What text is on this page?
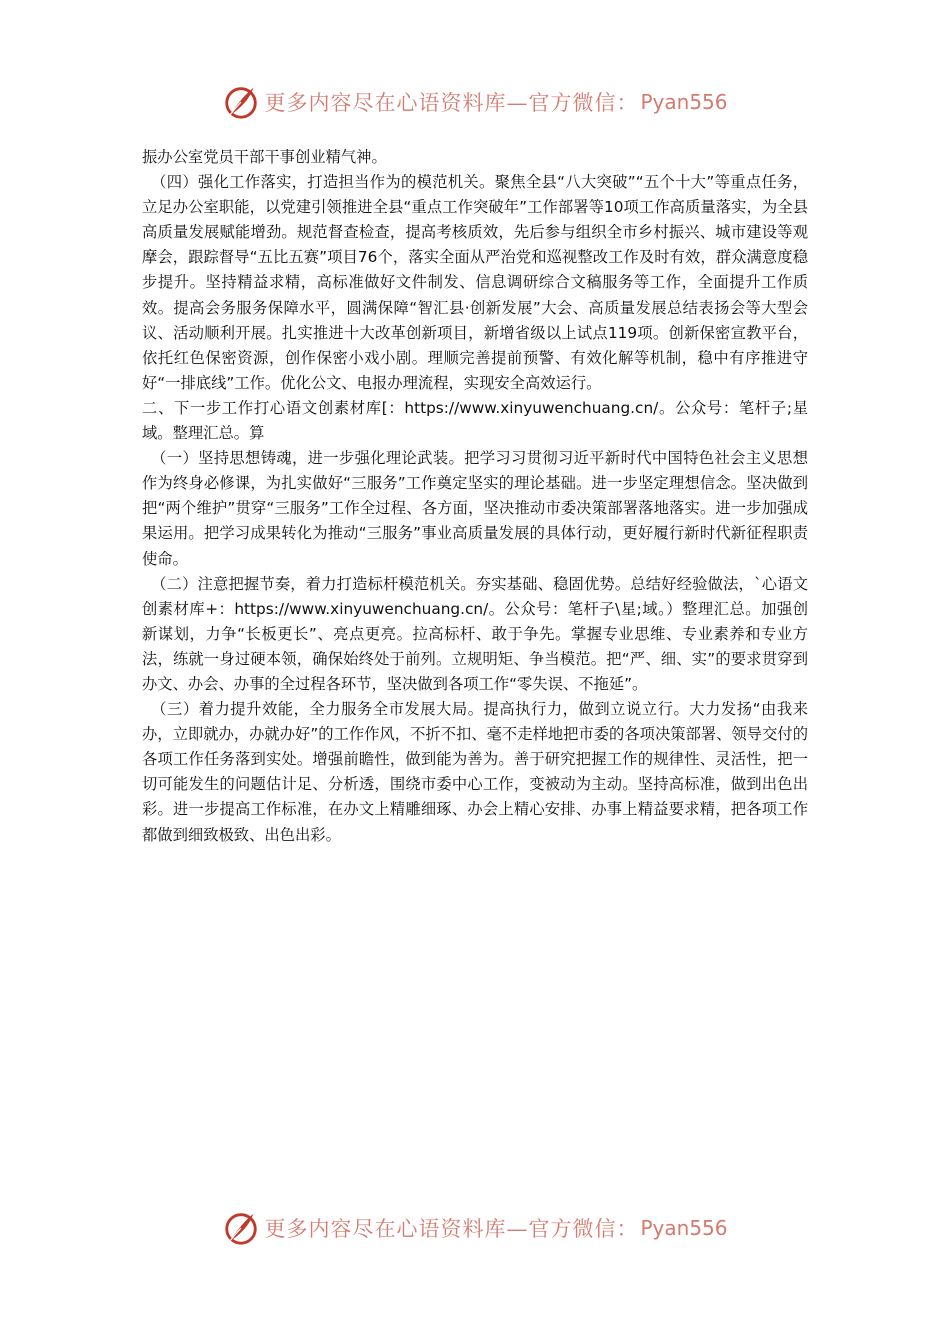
更多内容尽在心语资料库—官方微信： Pyan556

振办公室党员干部干事创业精气神。

（四）强化工作落实，打造担当作为的模范机关。聚焦全县“八大突破”“五个十大”等重点任务，立足办公室职能，以党建引领推进全县“重点工作突破年”工作部署等10项工作高质量落实，为全县高质量发展赋能增劲。规范督查检查，提高考核质效，先后参与组织全市乡村振兴、城市建设等观摩会，跟踪督导“五比五赛”项目76个，落实全面从严治党和巡视整改工作及时有效，群众满意度稳步提升。坚持精益求精，高标准做好文件制发、信息调研综合文稿服务等工作，全面提升工作质效。提高会务服务保障水平，圆满保障“智汇县·创新发展”大会、高质量发展总结表扬会等大型会议、活动顺利开展。扎实推进十大改革创新项目，新增省级以上试点119项。创新保密宣教平台，依托红色保密资源，创作保密小戏小剧。理顺完善提前预警、有效化解等机制，稳中有序推进守好“一排底线”工作。优化公文、电报办理流程，实现安全高效运行。

二、下一步工作打心语文创素材库[：https://www.xinyuwenchuang.cn/。公众号：笔杆子;星域。整理汇总。算

（一）坚持思想铸魂，进一步强化理论武装。把学习习贯彻习近平新时代中国特色社会主义思想作为终身必修课，为扎实做好“三服务”工作奠定坚实的理论基础。进一步坚定理想信念。坚决做到把“两个维护”贯穿“三服务”工作全过程、各方面，坚决推动市委决策部署落地落实。进一步加强成果运用。把学习成果转化为推动“三服务”事业高质量发展的具体行动，更好履行新时代新征程职责使命。

（二）注意把握节奏，着力打造标杆模范机关。夯实基础、稳固优势。总结好经验做法，`心语文创素材库+：https://www.xinyuwenchuang.cn/。公众号：笔杆子\星;域。）整理汇总。加强创新谋划，力争“长板更长”、亮点更亮。拉高标杆、敢于争先。掌握专业思维、专业素养和专业方法，练就一身过硬本领，确保始终处于前列。立规明矩、争当模范。把“严、细、实”的要求贯穿到办文、办会、办事的全过程各环节，坚决做到各项工作“零失误、不拖延”。

（三）着力提升效能，全力服务全市发展大局。提高执行力，做到立说立行。大力发扬“由我来办，立即就办，办就办好”的工作作风，不折不扣、毫不走样地把市委的各项决策部署、领导交付的各项工作任务落到实处。增强前瞻性，做到能为善为。善于研究把握工作的规律性、灵活性，把一切可能发生的问题估计足、分析透，围绕市委中心工作，变被动为主动。坚持高标准，做到出色出彩。进一步提高工作标准，在办文上精雕细琢、办会上精心安排、办事上精益要求精，把各项工作都做到细致极致、出色出彩。

更多内容尽在心语资料库—官方微信： Pyan556
